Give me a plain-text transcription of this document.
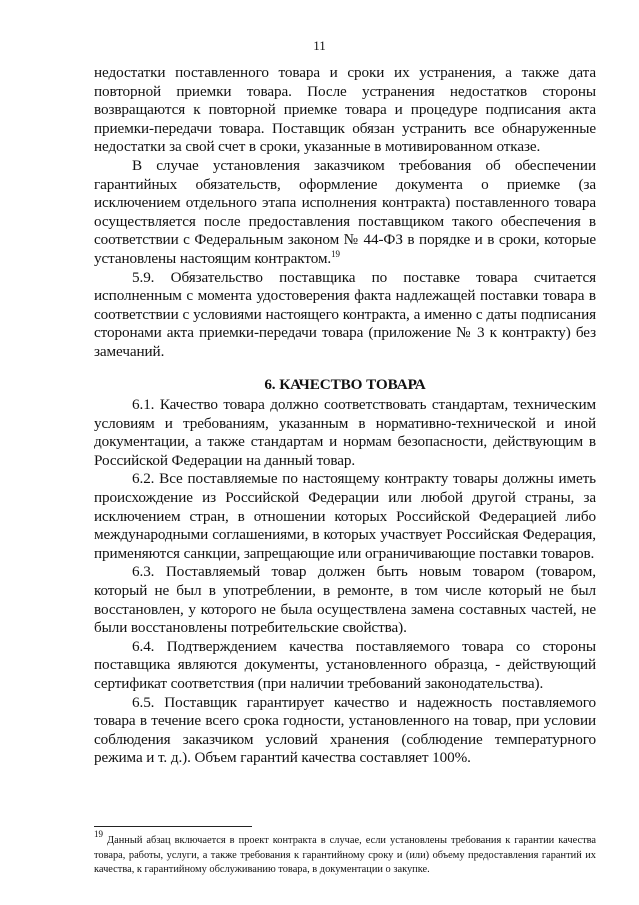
11

недостатки поставленного товара и сроки их устранения, а также дата повторной приемки товара. После устранения недостатков стороны возвращаются к повторной приемке товара и процедуре подписания акта приемки-передачи товара. Поставщик обязан устранить все обнаруженные недостатки за свой счет в сроки, указанные в мотивированном отказе.

В случае установления заказчиком требования об обеспечении гарантийных обязательств, оформление документа о приемке (за исключением отдельного этапа исполнения контракта) поставленного товара осуществляется после предоставления поставщиком такого обеспечения в соответствии с Федеральным законом № 44-ФЗ в порядке и в сроки, которые установлены настоящим контрактом.$^{19}$

5.9. Обязательство поставщика по поставке товара считается исполненным с момента удостоверения факта надлежащей поставки товара в соответствии с условиями настоящего контракта, а именно с даты подписания сторонами акта приемки-передачи товара (приложение № 3 к контракту) без замечаний.

6. КАЧЕСТВО ТОВАРА

6.1. Качество товара должно соответствовать стандартам, техническим условиям и требованиям, указанным в нормативно-технической и иной документации, а также стандартам и нормам безопасности, действующим в Российской Федерации на данный товар.

6.2. Все поставляемые по настоящему контракту товары должны иметь происхождение из Российской Федерации или любой другой страны, за исключением стран, в отношении которых Российской Федерацией либо международными соглашениями, в которых участвует Российская Федерация, применяются санкции, запрещающие или ограничивающие поставки товаров.

6.3. Поставляемый товар должен быть новым товаром (товаром, который не был в употреблении, в ремонте, в том числе который не был восстановлен, у которого не была осуществлена замена составных частей, не были восстановлены потребительские свойства).

6.4. Подтверждением качества поставляемого товара со стороны поставщика являются документы, установленного образца, - действующий сертификат соответствия (при наличии требований законодательства).

6.5. Поставщик гарантирует качество и надежность поставляемого товара в течение всего срока годности, установленного на товар, при условии соблюдения заказчиком условий хранения (соблюдение температурного режима и т. д.). Объем гарантий качества составляет 100%.

$^{19}$ Данный абзац включается в проект контракта в случае, если установлены требования к гарантии качества товара, работы, услуги, а также требования к гарантийному сроку и (или) объему предоставления гарантий их качества, к гарантийному обслуживанию товара, в документации о закупке.
